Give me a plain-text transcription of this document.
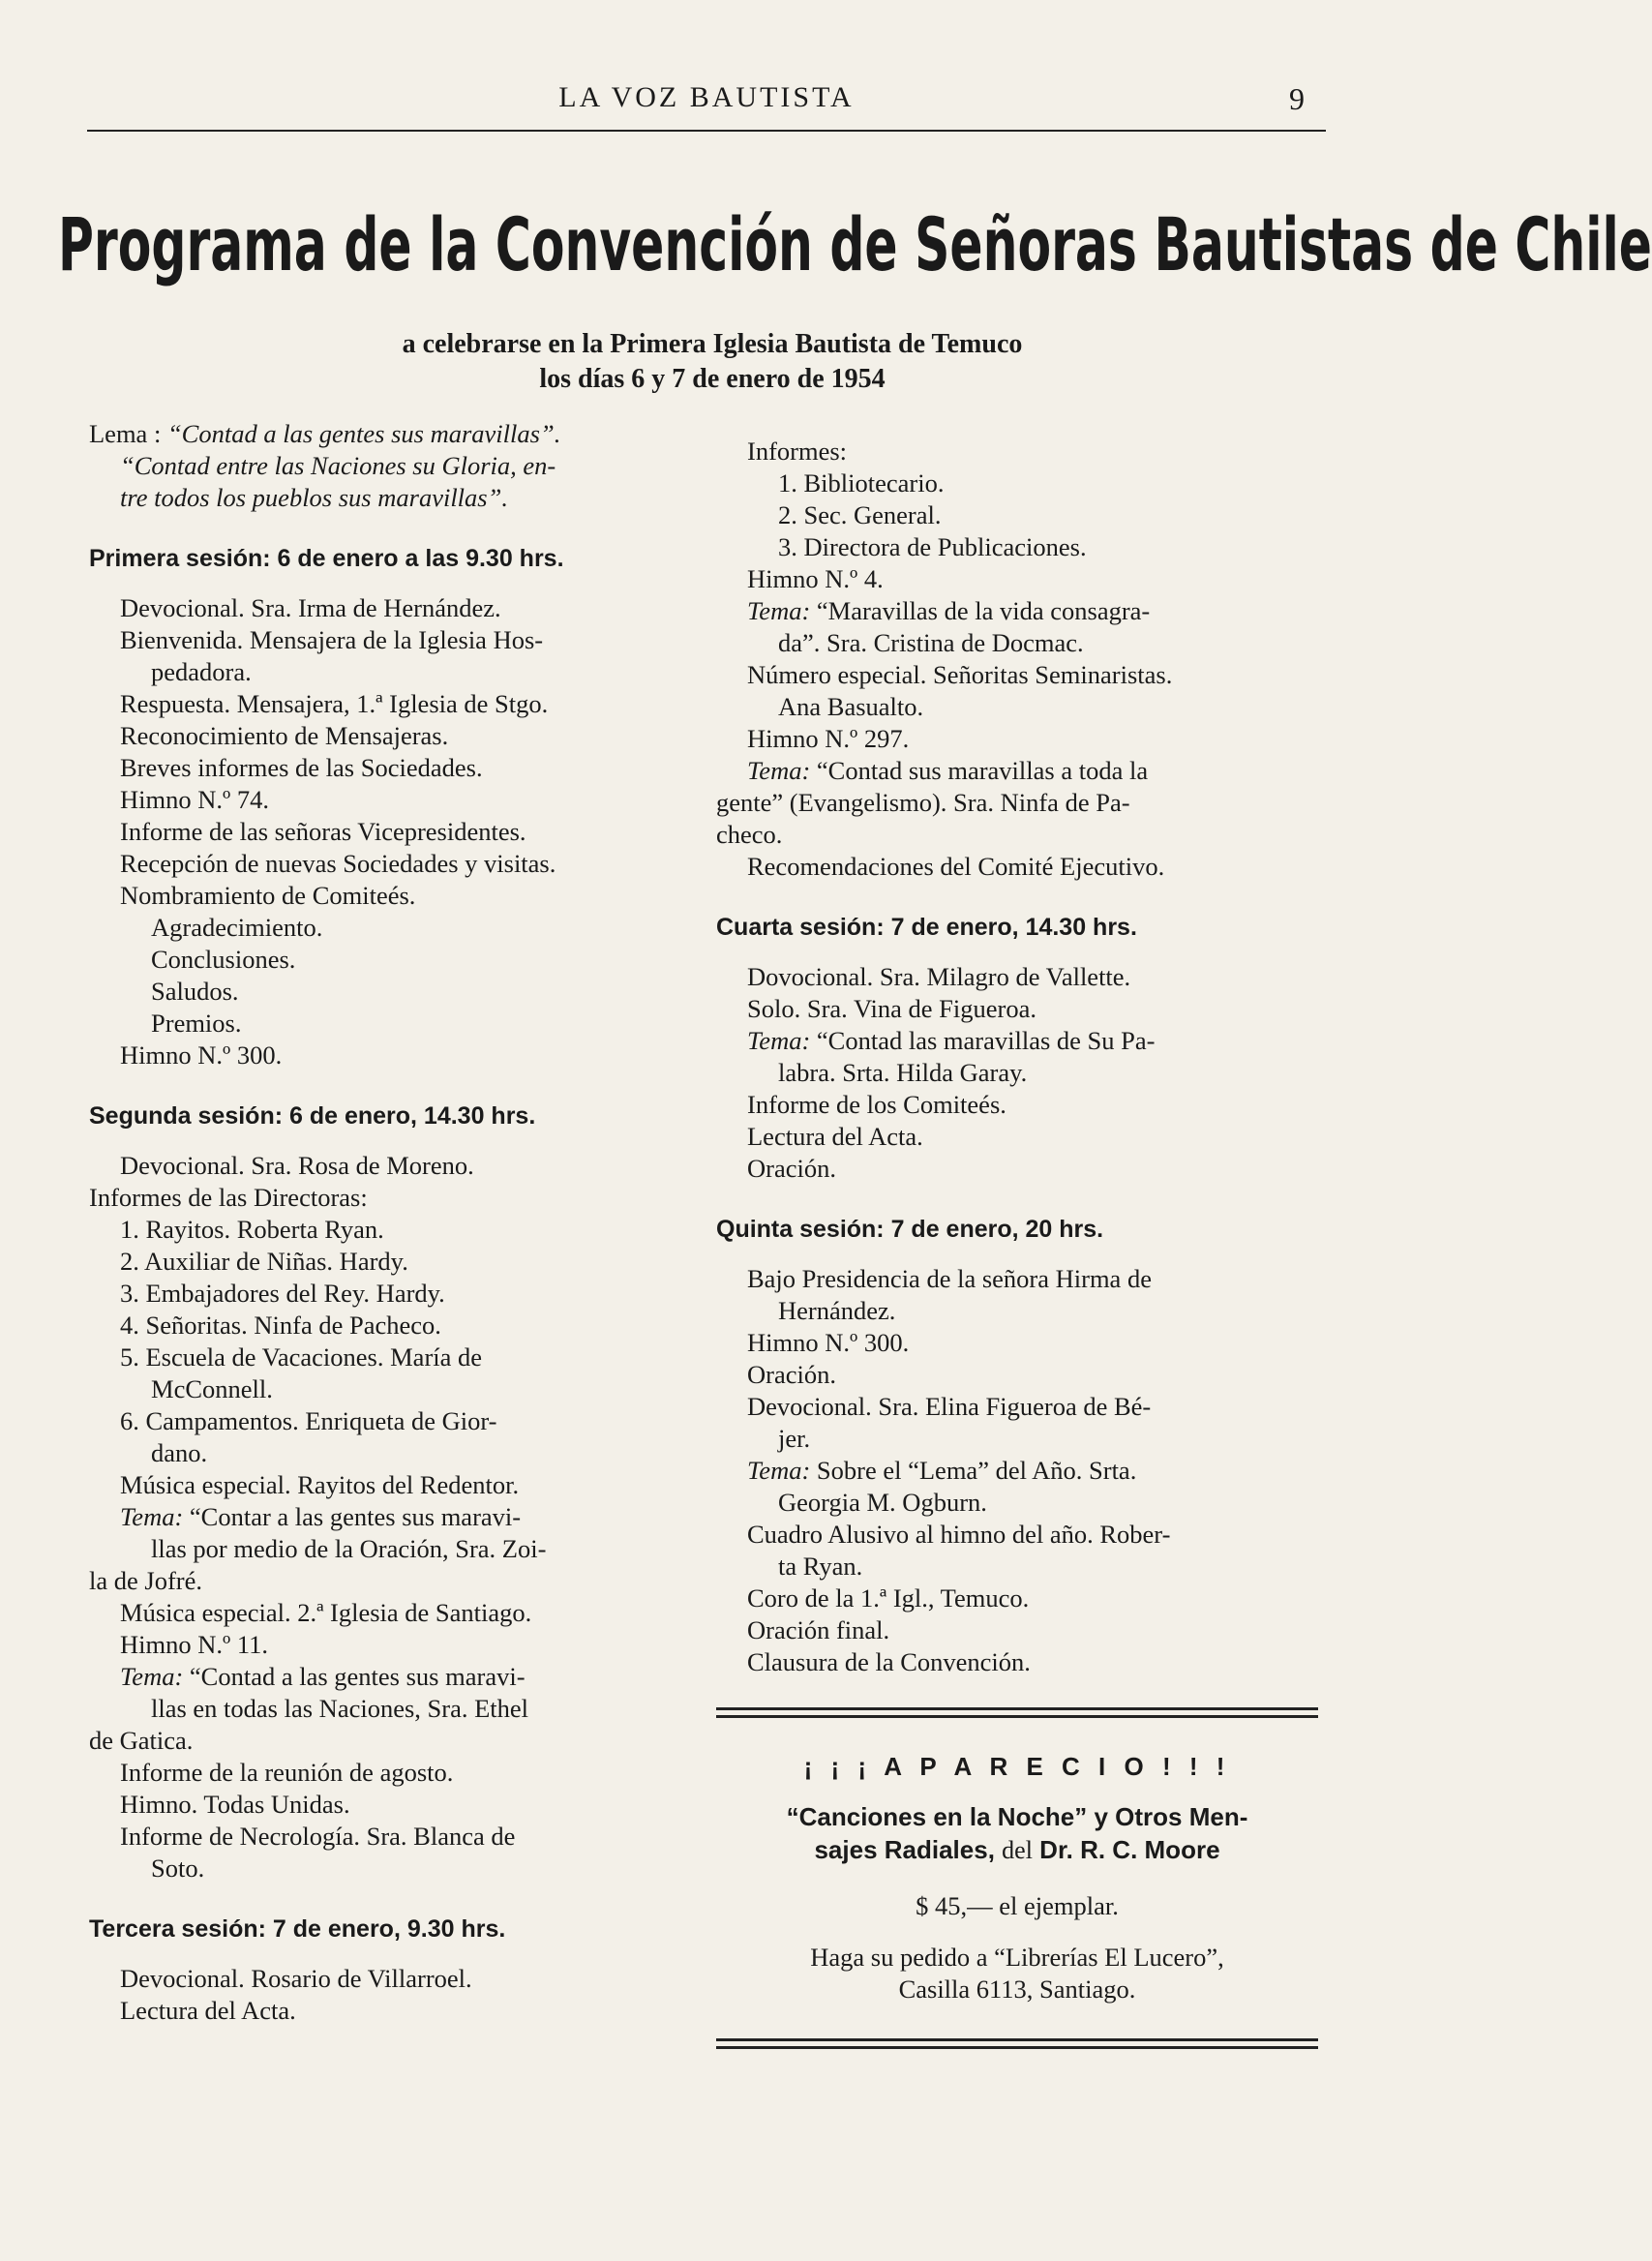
LA VOZ BAUTISTA	9
Programa de la Convención de Señoras Bautistas de Chile
a celebrarse en la Primera Iglesia Bautista de Temuco
los días 6 y 7 de enero de 1954
Lema : “Contad a las gentes sus maravillas”.
“Contad entre las Naciones su Gloria, en-
tre todos los pueblos sus maravillas”.
Primera sesión: 6 de enero a las 9.30 hrs.
Devocional. Sra. Irma de Hernández.
Bienvenida. Mensajera de la Iglesia Hos-
pedadora.
Respuesta. Mensajera, 1.ª Iglesia de Stgo.
Reconocimiento de Mensajeras.
Breves informes de las Sociedades.
Himno N.º 74.
Informe de las señoras Vicepresidentes.
Recepción de nuevas Sociedades y visitas.
Nombramiento de Comiteés.
Agradecimiento.
Conclusiones.
Saludos.
Premios.
Himno N.º 300.
Segunda sesión: 6 de enero, 14.30 hrs.
Devocional. Sra. Rosa de Moreno.
Informes de las Directoras:
1. Rayitos. Roberta Ryan.
2. Auxiliar de Niñas. Hardy.
3. Embajadores del Rey. Hardy.
4. Señoritas. Ninfa de Pacheco.
5. Escuela de Vacaciones. María de
McConnell.
6. Campamentos. Enriqueta de Gior-
dano.
Música especial. Rayitos del Redentor.
Tema: “Contar a las gentes sus maravi-
llas por medio de la Oración, Sra. Zoi-
la de Jofré.
Música especial. 2.ª Iglesia de Santiago.
Himno N.º 11.
Tema: “Contad a las gentes sus maravi-
llas en todas las Naciones, Sra. Ethel
de Gatica.
Informe de la reunión de agosto.
Himno. Todas Unidas.
Informe de Necrología. Sra. Blanca de
Soto.
Tercera sesión: 7 de enero, 9.30 hrs.
Devocional. Rosario de Villarroel.
Lectura del Acta.
Informes:
1. Bibliotecario.
2. Sec. General.
3. Directora de Publicaciones.
Himno N.º 4.
Tema: “Maravillas de la vida consagra-
da”. Sra. Cristina de Docmac.
Número especial. Señoritas Seminaristas.
Ana Basualto.
Himno N.º 297.
Tema: “Contad sus maravillas a toda la
gente” (Evangelismo). Sra. Ninfa de Pa-
checo.
Recomendaciones del Comité Ejecutivo.
Cuarta sesión: 7 de enero, 14.30 hrs.
Dovocional. Sra. Milagro de Vallette.
Solo. Sra. Vina de Figueroa.
Tema: “Contad las maravillas de Su Pa-
labra. Srta. Hilda Garay.
Informe de los Comiteés.
Lectura del Acta.
Oración.
Quinta sesión: 7 de enero, 20 hrs.
Bajo Presidencia de la señora Hirma de
Hernández.
Himno N.º 300.
Oración.
Devocional. Sra. Elina Figueroa de Bé-
jer.
Tema: Sobre el “Lema” del Año. Srta.
Georgia M. Ogburn.
Cuadro Alusivo al himno del año. Rober-
ta Ryan.
Coro de la 1.ª Igl., Temuco.
Oración final.
Clausura de la Convención.
¡ ¡ ¡ A P A R E C I O ! ! !
“Canciones en la Noche” y Otros Men-
sajes Radiales, del Dr. R. C. Moore
$ 45,— el ejemplar.
Haga su pedido a “Librerías El Lucero”,
Casilla 6113, Santiago.
